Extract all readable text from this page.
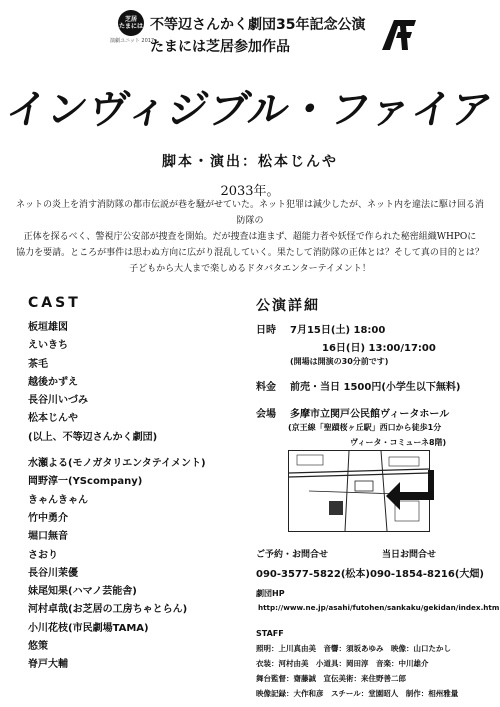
芝居
たまには
演劇ユニット 2017
不等辺さんかく劇団35年記念公演
たまには芝居参加作品
インヴィジブル・ファイア
脚本・演出：松本じんや
2033年。
ネットの炎上を消す消防隊の都市伝説が巷を騒がせていた。ネット犯罪は減少したが、ネット内を違法に駆け回る消防隊の
正体を探るべく、警視庁公安部が捜査を開始。だが捜査は進まず、超能力者や妖怪で作られた秘密組織WHPOに
協力を要請。ところが事件は思わぬ方向に広がり混乱していく。果たして消防隊の正体とは？そして真の目的とは？
子どもから大人まで楽しめるドタバタエンターテイメント！
CAST
板垣雄図
えいきち
茶毛
越後かずえ
長谷川いづみ
松本じんや
(以上、不等辺さんかく劇団)
水瀬よる(モノガタリエンタテイメント)
岡野淳一(YScompany)
きゃんきゃん
竹中勇介
堀口無音
さおり
長谷川茉優
妹尾知果(ハマノ芸能舎)
河村卓哉(お芝居の工房ちゃとらん)
小川花枝(市民劇場TAMA)
悠策
脊戸大輔
公演詳細
日時 7月15日(土) 18:00
16日(日) 13:00/17:00
(開場は開演の30分前です)
料金 前売・当日 1500円(小学生以下無料)
会場 多摩市立関戸公民館ヴィータホール
(京王線「聖蹟桜ヶ丘駅」西口から徒歩1分
ヴィータ・コミューネ8階)
ご予約・お問合せ	当日お問合せ
090-3577-5822(松本) 090-1854-8216(大畑)
劇団HP
http://www.ne.jp/asahi/futohen/sankaku/gekidan/index.htm
STAFF
照明：上川真由美　音響：須坂あゆみ　映像：山口たかし
衣装：河村由美　小道具：岡田淳　音楽：中川雄介
舞台監督：齋藤誠　宣伝美術：来住野善二郎
映像記録：大作和彦　スチール：堂園昭人　制作：相州雅量
